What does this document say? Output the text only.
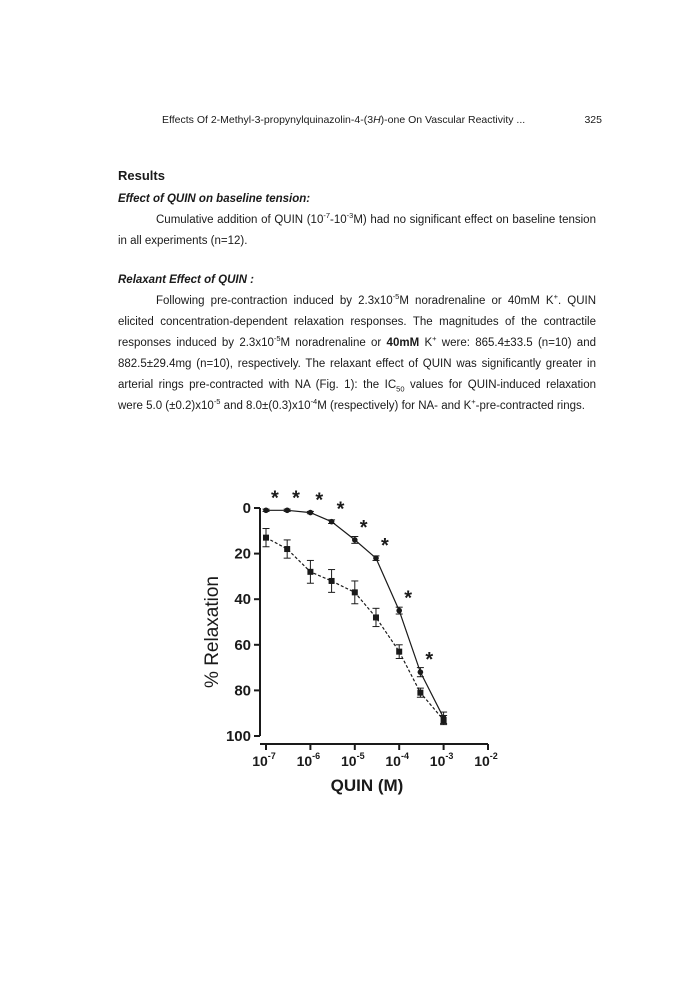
Effects Of 2-Methyl-3-propynylquinazolin-4-(3H)-one On Vascular Reactivity ...	325
Results
Effect of QUIN on baseline tension:

Cumulative addition of QUIN $(10^{-7}-10^{-3}M)$ had no significant effect on baseline tension in all experiments (n=12).

Relaxant Effect of QUIN :

Following pre-contraction induced by $2.3x10^{-5}M$ noradrenaline or 40mM K+. QUIN elicited concentration-dependent relaxation responses. The magnitudes of the contractile responses induced by $2.3x10^{-5}M$ noradrenaline or 40mM K+ were: 865.4±33.5 (n=10) and 882.5±29.4mg (n=10), respectively. The relaxant effect of QUIN was significantly greater in arterial rings pre-contracted with NA (Fig. 1): the $IC_{50}$ values for QUIN-induced relaxation were 5.0 $(\pm 0.2)x10^{-5}$ and $8.0\pm(0.3)x10^{-4}M$ (respectively) for NA- and K+-pre-contracted rings.

0
20
40
60
80
100
$10^{-7}$ $10^{-6}$ $10^{-5}$ $10^{-4}$ $10^{-3}$ $10^{-2}$
QUIN (M)
% Relaxation
* * * *
*
*
*
*
